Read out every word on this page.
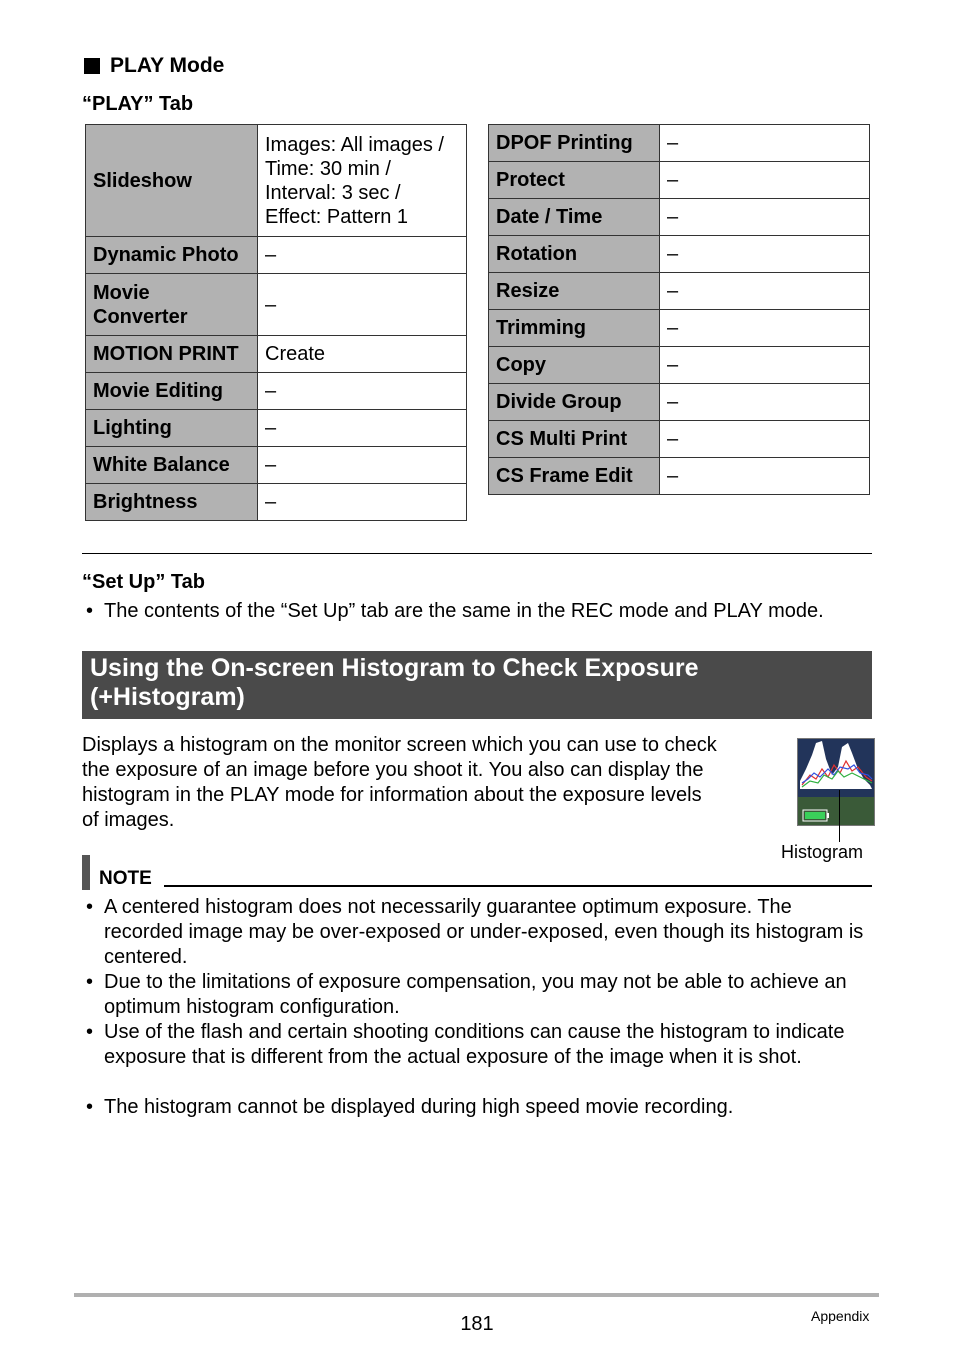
PLAY Mode
“PLAY” Tab
Slideshow	Images: All images /
Time: 30 min /
Interval: 3 sec /
Effect: Pattern 1

Dynamic Photo	–

Movie
Converter	–
MOTION PRINT	Create
Movie Editing	–
Lighting	–
White Balance	–
Brightness	–
DPOF Printing	–
Protect	–
Date / Time	–
Rotation	–
Resize	–
Trimming	–
Copy	–
Divide Group	–
CS Multi Print	–
CS Frame Edit	–
“Set Up” Tab
• The contents of the “Set Up” tab are the same in the REC mode and PLAY mode.
Using the On-screen Histogram to Check Exposure
(+Histogram)
Displays a histogram on the monitor screen which you can use to check the exposure of an image before you shoot it. You also can display the histogram in the PLAY mode for information about the exposure levels of images.
Histogram
NOTE
• A centered histogram does not necessarily guarantee optimum exposure. The recorded image may be over-exposed or under-exposed, even though its histogram is centered.
• Due to the limitations of exposure compensation, you may not be able to achieve an optimum histogram configuration.
• Use of the flash and certain shooting conditions can cause the histogram to indicate exposure that is different from the actual exposure of the image when it is shot.
• The histogram cannot be displayed during high speed movie recording.
181	Appendix
